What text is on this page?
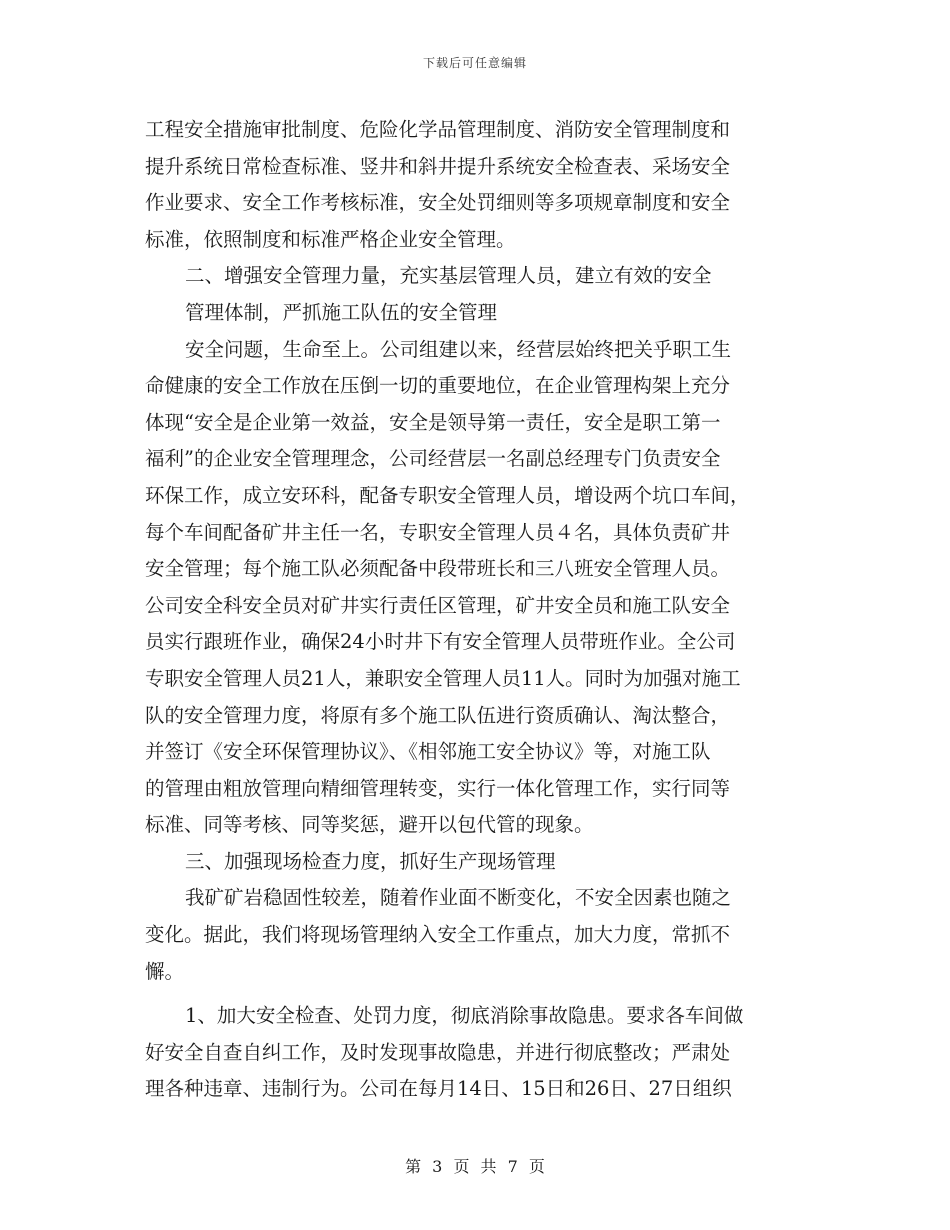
下载后可任意编辑
工程安全措施审批制度、危险化学品管理制度、消防安全管理制度和
提升系统日常检查标准、竖井和斜井提升系统安全检查表、采场安全
作业要求、安全工作考核标准，安全处罚细则等多项规章制度和安全
标准，依照制度和标准严格企业安全管理。
二、增强安全管理力量，充实基层管理人员，建立有效的安全
管理体制，严抓施工队伍的安全管理
安全问题，生命至上。公司组建以来，经营层始终把关乎职工生
命健康的安全工作放在压倒一切的重要地位，在企业管理构架上充分
体现“安全是企业第一效益，安全是领导第一责任，安全是职工第一
福利”的企业安全管理理念，公司经营层一名副总经理专门负责安全
环保工作，成立安环科，配备专职安全管理人员，增设两个坑口车间，
每个车间配备矿井主任一名，专职安全管理人员４名，具体负责矿井
安全管理；每个施工队必须配备中段带班长和三八班安全管理人员。
公司安全科安全员对矿井实行责任区管理，矿井安全员和施工队安全
员实行跟班作业，确保24小时井下有安全管理人员带班作业。全公司
专职安全管理人员21人，兼职安全管理人员11人。同时为加强对施工
队的安全管理力度，将原有多个施工队伍进行资质确认、淘汰整合，
并签订《安全环保管理协议》、《相邻施工安全协议》等，对施工队
的管理由粗放管理向精细管理转变，实行一体化管理工作，实行同等
标准、同等考核、同等奖惩，避开以包代管的现象。
三、加强现场检查力度，抓好生产现场管理
我矿矿岩稳固性较差，随着作业面不断变化，不安全因素也随之
变化。据此，我们将现场管理纳入安全工作重点，加大力度，常抓不
懈。
1、加大安全检查、处罚力度，彻底消除事故隐患。要求各车间做
好安全自查自纠工作，及时发现事故隐患，并进行彻底整改；严肃处
理各种违章、违制行为。公司在每月14日、15日和26日、27日组织
第 3 页 共 7 页
